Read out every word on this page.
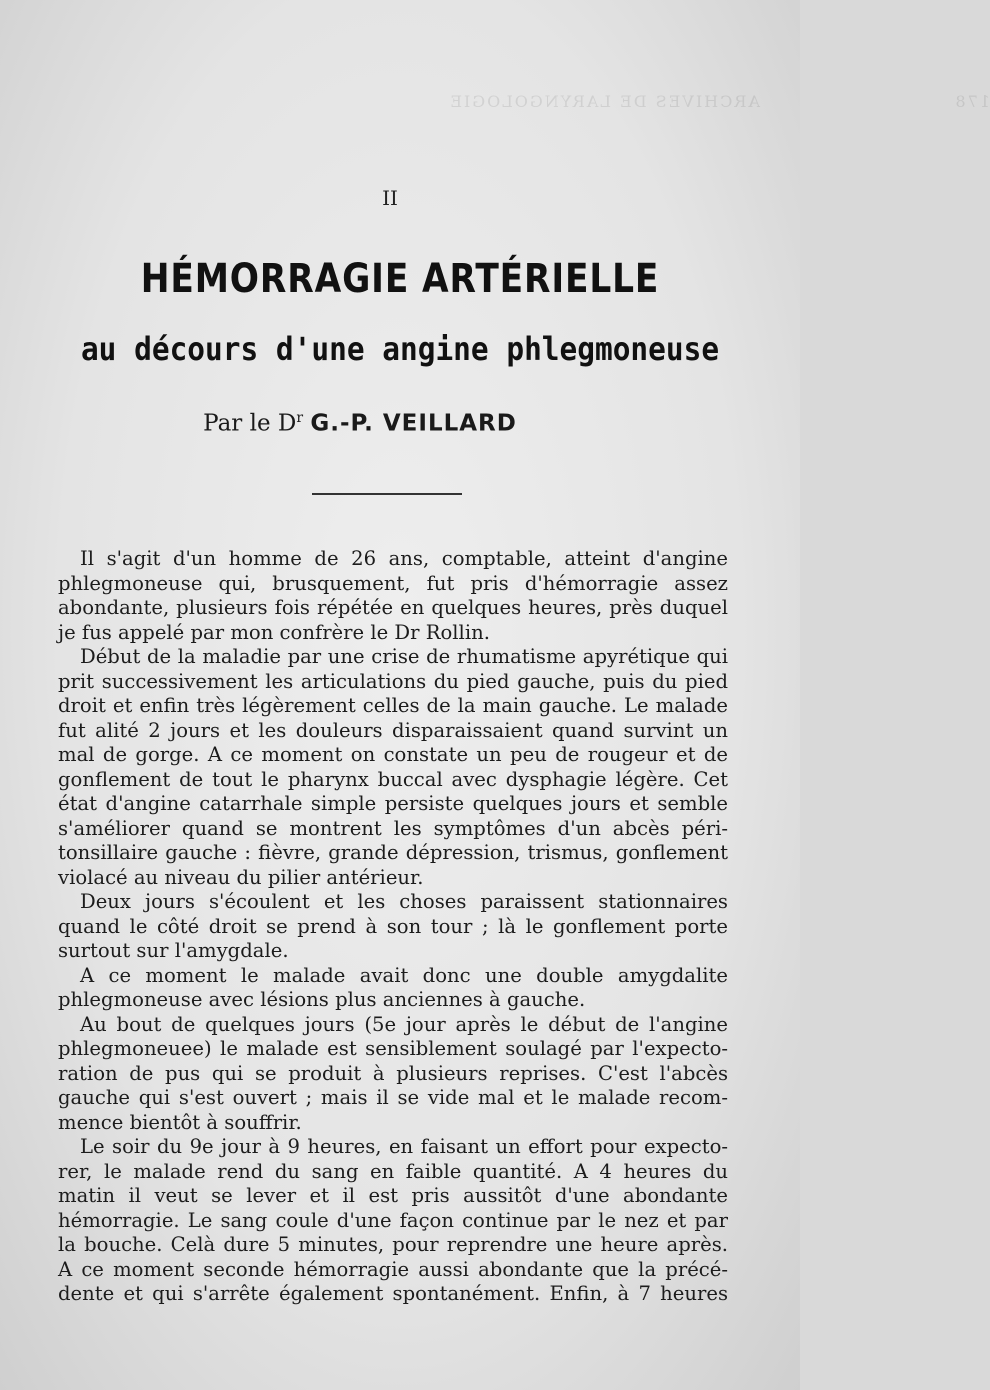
ARCHIVES DE LARYNGOLOGIE	178
II
HÉMORRAGIE ARTÉRIELLE
au décours d'une angine phlegmoneuse
Par le $D^r$ G.-P. VEILLARD

Il s'agit d'un homme de 26 ans, comptable, atteint d'angine

phlegmoneuse qui, brusquement, fut pris d'hémorragie assez

abondante, plusieurs fois répétée en quelques heures, près duquel

je fus appelé par mon confrère le Dr Rollin.

Début de la maladie par une crise de rhumatisme apyrétique qui

prit successivement les articulations du pied gauche, puis du pied

droit et enfin très légèrement celles de la main gauche. Le malade

fut alité 2 jours et les douleurs disparaissaient quand survint un

mal de gorge. A ce moment on constate un peu de rougeur et de

gonflement de tout le pharynx buccal avec dysphagie légère. Cet

état d'angine catarrhale simple persiste quelques jours et semble

s'améliorer quand se montrent les symptômes d'un abcès péri-

tonsillaire gauche : fièvre, grande dépression, trismus, gonflement

violacé au niveau du pilier antérieur.

Deux jours s'écoulent et les choses paraissent stationnaires

quand le côté droit se prend à son tour ; là le gonflement porte

surtout sur l'amygdale.

A ce moment le malade avait donc une double amygdalite

phlegmoneuse avec lésions plus anciennes à gauche.

Au bout de quelques jours (5e jour après le début de l'angine

phlegmoneuee) le malade est sensiblement soulagé par l'expecto-

ration de pus qui se produit à plusieurs reprises. C'est l'abcès

gauche qui s'est ouvert ; mais il se vide mal et le malade recom-

mence bientôt à souffrir.

Le soir du 9e jour à 9 heures, en faisant un effort pour expecto-

rer, le malade rend du sang en faible quantité. A 4 heures du

matin il veut se lever et il est pris aussitôt d'une abondante

hémorragie. Le sang coule d'une façon continue par le nez et par

la bouche. Celà dure 5 minutes, pour reprendre une heure après.

A ce moment seconde hémorragie aussi abondante que la précé-

dente et qui s'arrête également spontanément. Enfin, à 7 heures
